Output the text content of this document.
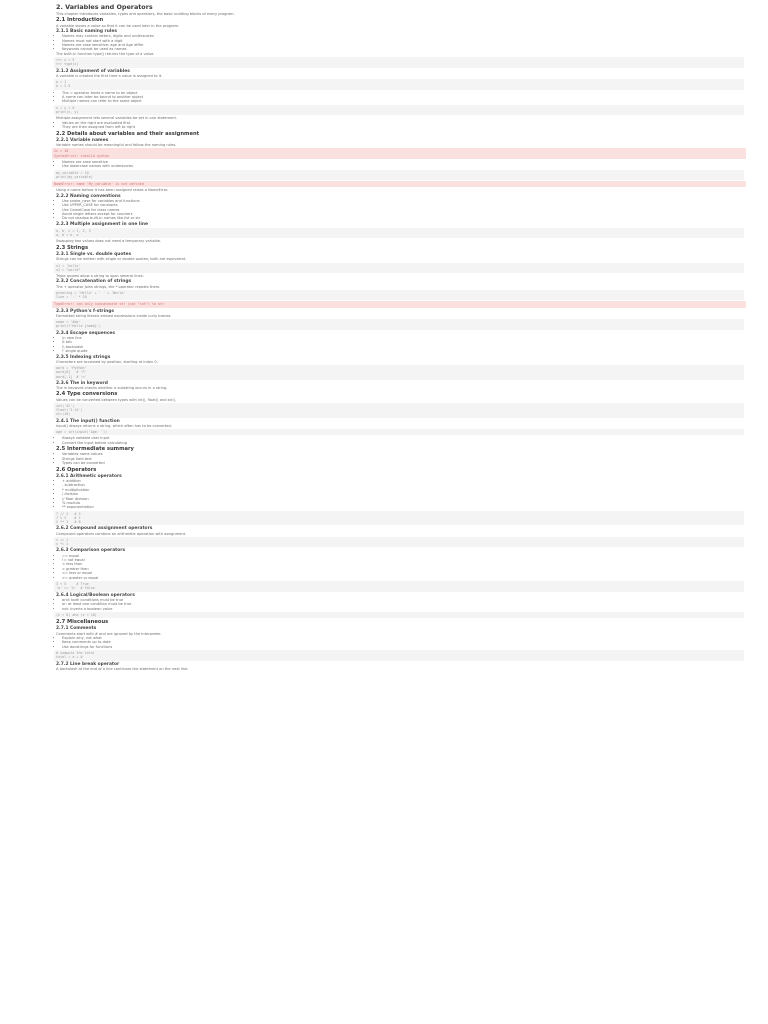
2. Variables and Operators
This chapter introduces variables, types and operators, the basic building blocks of every program.
2.1 Introduction
A variable stores a value so that it can be used later in the program.
2.1.1 Basic naming rules
• Names may contain letters, digits and underscores
• Names must not start with a digit
• Names are case sensitive: age and Age differ
• Keywords cannot be used as names
The built-in function type() returns the type of a value.
>>> x = 5
>>> type(x)
2.1.2 Assignment of variables
A variable is created the first time a value is assigned to it.
a = 1
b = 2.5
• The = operator binds a name to an object
• A name can later be bound to another object
• Multiple names can refer to the same object
x = y = 0
print(x, y)
Multiple assignment lets several variables be set in one statement.
• Values on the right are evaluated first
• They are then assigned from left to right
2.2 Details about variables and their assignment
2.2.1 Variable names
Variable names should be meaningful and follow the naming rules.
2x = 10
SyntaxError: invalid syntax
• Names are case sensitive
• Use lowercase names with underscores
my_variable = 10
print(my_variable)
NameError: name 'My_variable' is not defined
Using a name before it has been assigned raises a NameError.
2.2.2 Naming conventions
• Use snake_case for variables and functions
• Use UPPER_CASE for constants
• Use CamelCase for class names
• Avoid single letters except for counters
• Do not shadow built-in names like list or str
2.2.3 Multiple assignment in one line
a, b, c = 1, 2, 3
a, b = b, a
Swapping two values does not need a temporary variable.
2.3 Strings
2.3.1 Single vs. double quotes
Strings can be written with single or double quotes; both are equivalent.
s1 = 'hello'
s2 = "world"
Triple quotes allow a string to span several lines.
2.3.2 Concatenation of strings
The + operator joins strings, the * operator repeats them.
greeting = 'Hello' + ' ' + 'World'
line = '-' * 20
TypeError: can only concatenate str (not "int") to str
2.3.3 Python's f-strings
Formatted string literals embed expressions inside curly braces.
name = 'Ada'
print(f'Hello {name}')
2.3.4 Escape sequences
• \n new line
• \t tab
• \\ backslash
• \' single quote
2.3.5 Indexing strings
Characters are accessed by position, starting at index 0.
word = 'Python'
word[0]   # 'P'
word[-1]  # 'n'
2.3.6 The in keyword
The in keyword checks whether a substring occurs in a string.
2.4 Type conversions
Values can be converted between types with int(), float() and str().
int('42')
float('3.14')
str(10)
2.4.1 The input() function
input() always returns a string, which often has to be converted.
age = int(input('Age: '))
• Always validate user input
• Convert the input before calculating
2.5 Intermediate summary
• Variables name values
• Strings hold text
• Types can be converted
2.6 Operators
2.6.1 Arithmetic operators
• + addition
• - subtraction
• * multiplication
• / division
• // floor division
• % modulo
• ** exponentiation
7 // 2   # 3
7 % 2    # 1
2 ** 3   # 8
2.6.2 Compound assignment operators
Compound operators combine an arithmetic operation with assignment.
x += 1
x *= 2
2.6.3 Comparison operators
• == equal
• != not equal
• < less than
• > greater than
• <= less or equal
• >= greater or equal
3 < 5     # True
'a' == 'b'  # False
2.6.4 Logical/Boolean operators
• and: both conditions must be true
• or: at least one condition must be true
• not: inverts a boolean value
(x > 0) and (x < 10)
2.7 Miscellaneous
2.7.1 Comments
Comments start with # and are ignored by the interpreter.
• Explain why, not what
• Keep comments up to date
• Use docstrings for functions
# compute the total
total = a + b
2.7.2 Line break operator
A backslash at the end of a line continues the statement on the next line.
